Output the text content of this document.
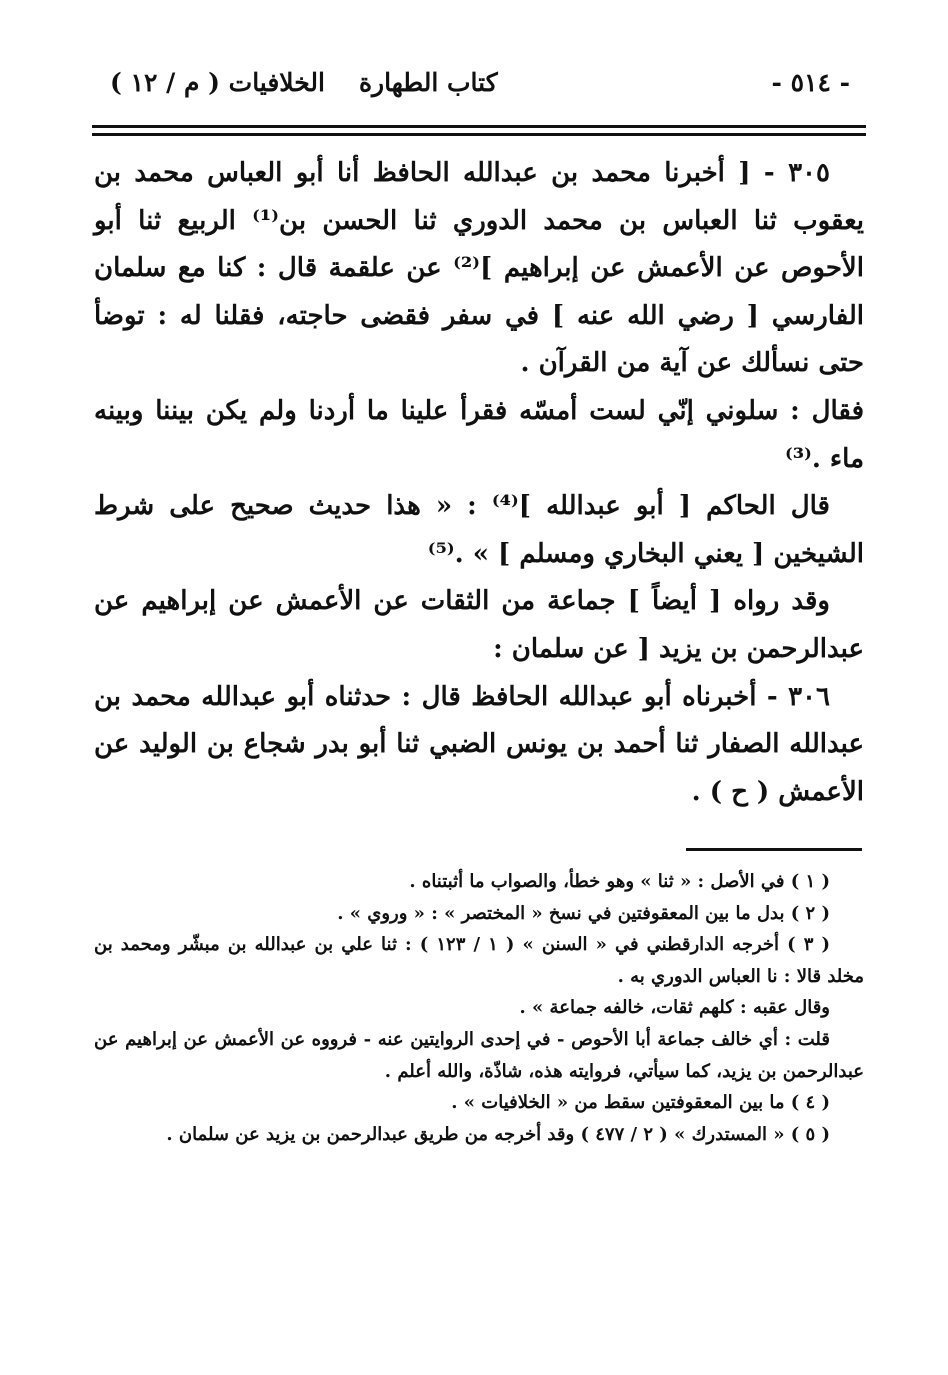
- ٥١٤ -
كتاب الطهارة
الخلافيات ( م / ١٢ )

٣٠٥ - [ أخبرنا محمد بن عبدالله الحافظ أنا أبو العباس محمد بن يعقوب ثنا العباس بن محمد الدوري ثنا الحسن بن⁽¹⁾ الربيع ثنا أبو الأحوص عن الأعمش عن إبراهيم ]⁽²⁾ عن علقمة قال : كنا مع سلمان الفارسي [ رضي الله عنه ] في سفر فقضى حاجته، فقلنا له : توضأ حتى نسألك عن آية من القرآن .

فقال : سلوني إنّي لست أمسّه فقرأ علينا ما أردنا ولم يكن بيننا وبينه ماء .⁽³⁾

قال الحاكم [ أبو عبدالله ]⁽⁴⁾ : « هذا حديث صحيح على شرط الشيخين [ يعني البخاري ومسلم ] » .⁽⁵⁾

وقد رواه [ أيضاً ] جماعة من الثقات عن الأعمش عن إبراهيم عن عبدالرحمن بن يزيد [ عن سلمان :

٣٠٦ - أخبرناه أبو عبدالله الحافظ قال : حدثناه أبو عبدالله محمد بن عبدالله الصفار ثنا أحمد بن يونس الضبي ثنا أبو بدر شجاع بن الوليد عن الأعمش ( ح ) .

( ١ ) في الأصل : « ثنا » وهو خطأ، والصواب ما أثبتناه .

( ٢ ) بدل ما بين المعقوفتين في نسخ « المختصر » : « وروي » .

( ٣ ) أخرجه الدارقطني في « السنن » ( ١ / ١٢٣ ) : ثنا علي بن عبدالله بن مبشّر ومحمد بن مخلد قالا : نا العباس الدوري به .

وقال عقبه : كلهم ثقات، خالفه جماعة » .

قلت : أي خالف جماعة أبا الأحوص - في إحدى الروايتين عنه - فرووه عن الأعمش عن إبراهيم عن عبدالرحمن بن يزيد، كما سيأتي، فروايته هذه، شاذّة، والله أعلم .

( ٤ ) ما بين المعقوفتين سقط من « الخلافيات » .

( ٥ ) « المستدرك » ( ٢ / ٤٧٧ ) وقد أخرجه من طريق عبدالرحمن بن يزيد عن سلمان .
